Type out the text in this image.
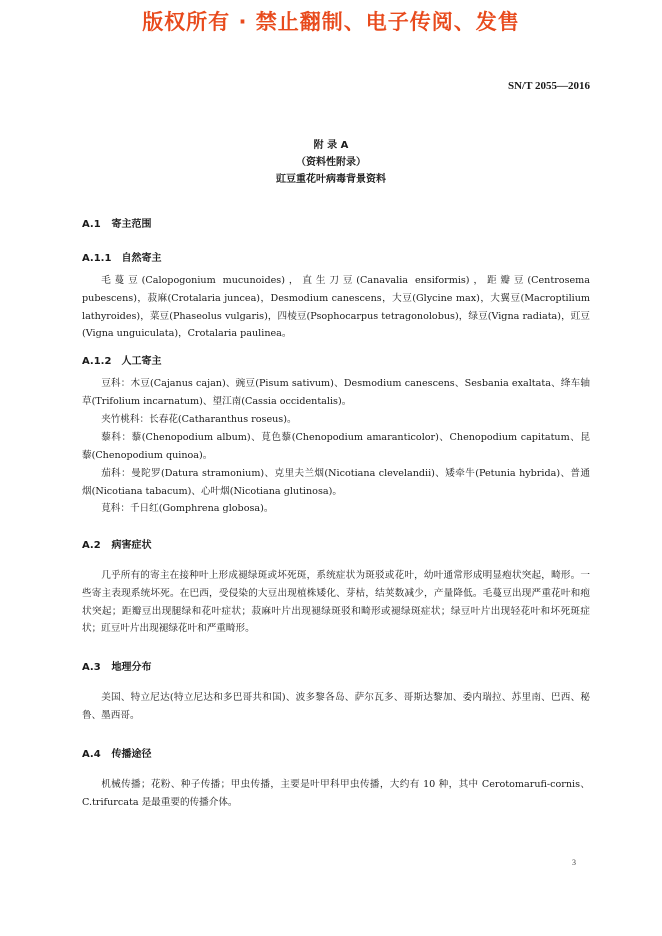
版权所有 · 禁止翻制、电子传阅、发售
SN/T 2055—2016
附 录 A
（资料性附录）
豇豆重花叶病毒背景资料
A.1 寄主范围
A.1.1 自然寄主

毛蔓豆(Calopogonium mucunoides)，直生刀豆(Canavalia ensiformis)，距瓣豆(Centrosema pubescens)，菽麻(Crotalaria juncea)，Desmodium canescens，大豆(Glycine max)，大翼豆(Macroptilium lathyroides)，菜豆(Phaseolus vulgaris)，四棱豆(Psophocarpus tetragonolobus)，绿豆(Vigna radiata)，豇豆(Vigna unguiculata)，Crotalaria paulinea。

A.1.2 人工寄主

豆科：木豆(Cajanus cajan)、豌豆(Pisum sativum)、Desmodium canescens、Sesbania exaltata、绛车轴草(Trifolium incarnatum)、望江南(Cassia occidentalis)。

夹竹桃科：长春花(Catharanthus roseus)。

藜科：藜(Chenopodium album)、莧色藜(Chenopodium amaranticolor)、Chenopodium capitatum、昆藜(Chenopodium quinoa)。

茄科：曼陀罗(Datura stramonium)、克里夫兰烟(Nicotiana clevelandii)、矮牵牛(Petunia hybrida)、普通烟(Nicotiana tabacum)、心叶烟(Nicotiana glutinosa)。

莧科：千日红(Gomphrena globosa)。

A.2 病害症状

几乎所有的寄主在接种叶上形成褪绿斑或坏死斑，系统症状为斑驳或花叶，幼叶通常形成明显疱状突起，畸形。一些寄主表现系统坏死。在巴西，受侵染的大豆出现植株矮化、芽枯，结荚数减少，产量降低。毛蔓豆出现严重花叶和疱状突起；距瓣豆出现腿绿和花叶症状；菽麻叶片出现褪绿斑驳和畸形或褪绿斑症状；绿豆叶片出现轻花叶和坏死斑症状；豇豆叶片出现褪绿花叶和严重畸形。

A.3 地理分布

美国、特立尼达(特立尼达和多巴哥共和国)、波多黎各岛、萨尔瓦多、哥斯达黎加、委内瑞拉、苏里南、巴西、秘鲁、墨西哥。

A.4 传播途径

机械传播；花粉、种子传播；甲虫传播，主要是叶甲科甲虫传播，大约有 10 种，其中 Cerotomarufi-cornis、C.trifurcata 是最重要的传播介体。

3
